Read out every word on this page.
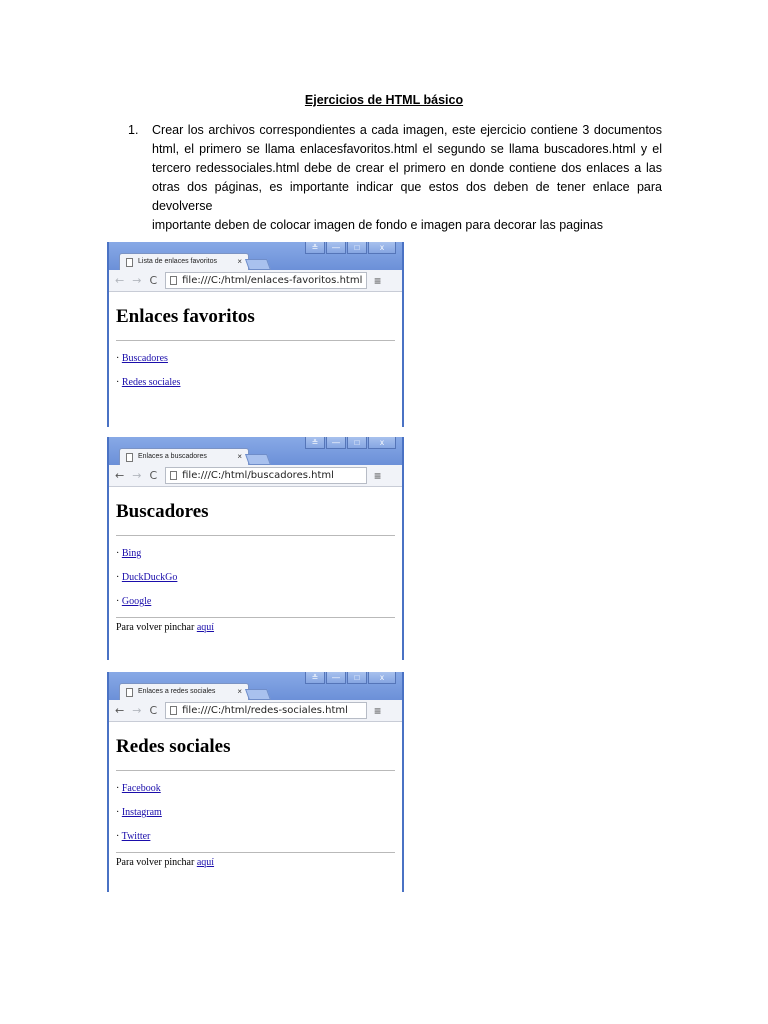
Ejercicios de HTML básico
1. Crear los archivos correspondientes a cada imagen, este ejercicio contiene 3 documentos html, el primero se llama enlacesfavoritos.html el segundo se llama buscadores.html y el tercero redessociales.html debe de crear el primero en donde contiene dos enlaces a las otras dos páginas, es importante indicar que estos dos deben de tener enlace para devolverse
importante deben de colocar imagen de fondo e imagen para decorar las paginas
≗	—	□	x
Lista de enlaces favoritos	×
← → C	file:///C:/html/enlaces-favoritos.html ≡
Enlaces favoritos
· Buscadores
· Redes sociales
≗	—	□	x
Enlaces a buscadores	×
← → C	file:///C:/html/buscadores.html	≡
Buscadores
· Bing
· DuckDuckGo
· Google
Para volver pinchar aquí
≗	—	□	x
Enlaces a redes sociales	×
← → C	file:///C:/html/redes-sociales.html	≡
Redes sociales
· Facebook
· Instagram
· Twitter
Para volver pinchar aquí
